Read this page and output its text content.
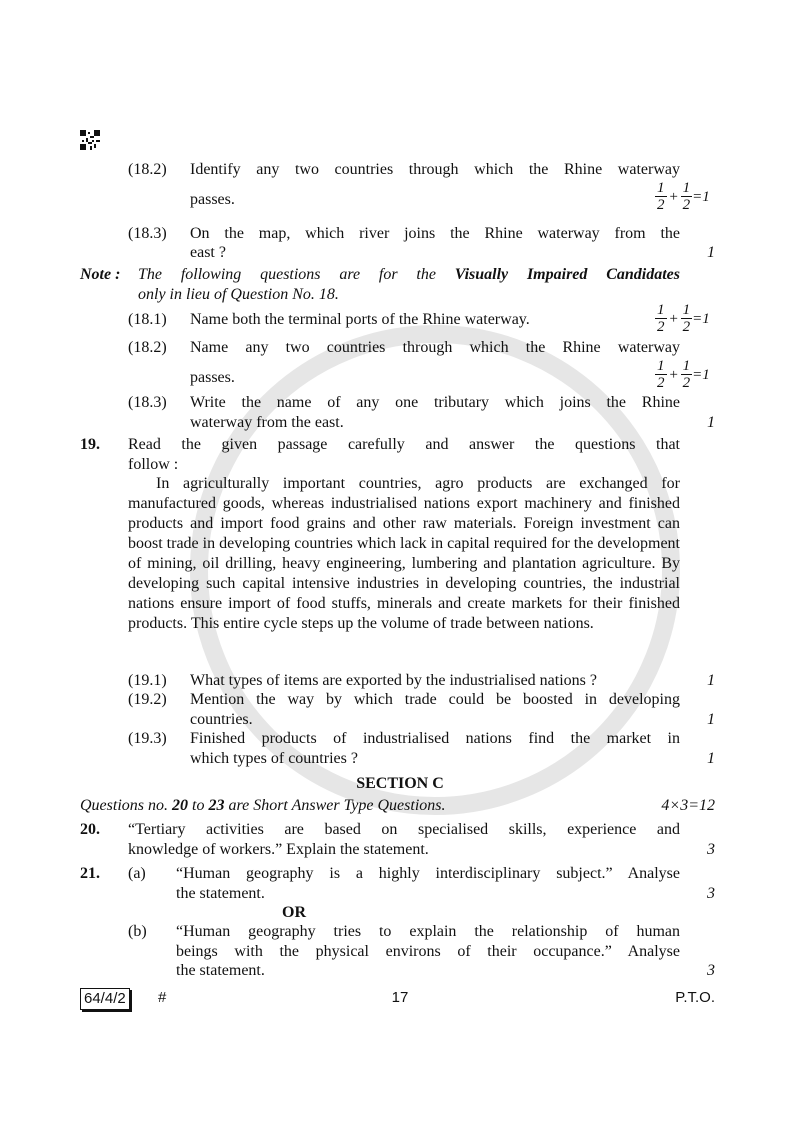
(18.2) Identify any two countries through which the Rhine waterway
passes.
1
2
+ $\frac{1}{2} =1$
(18.3) On the map, which river joins the Rhine waterway from the
east ?	1
Note : The following questions are for the Visually Impaired Candidates
only in lieu of Question No. 18.
(18.1) Name both the terminal ports of the Rhine waterway.
1
2
+ $\frac{1}{2} =1$
(18.2) Name any two countries through which the Rhine waterway
passes.
1
2
+ $\frac{1}{2} =1$
(18.3) Write the name of any one tributary which joins the Rhine
waterway from the east.	1
19. Read the given passage carefully and answer the questions that
follow :

In agriculturally important countries, agro products are exchanged for manufactured goods, whereas industrialised nations export machinery and finished products and import food grains and other raw materials. Foreign investment can boost trade in developing countries which lack in capital required for the development of mining, oil drilling, heavy engineering, lumbering and plantation agriculture. By developing such capital intensive industries in developing countries, the industrial nations ensure import of food stuffs, minerals and create markets for their finished products. This entire cycle steps up the volume of trade between nations.

(19.1) What types of items are exported by the industrialised nations ?	1
(19.2) Mention the way by which trade could be boosted in developing
countries.	1
(19.3) Finished products of industrialised nations find the market in
which types of countries ?	1
SECTION C
Questions no. 20 to 23 are Short Answer Type Questions.	4×3=12
20. “Tertiary activities are based on specialised skills, experience and
knowledge of workers.” Explain the statement.	3
21. (a) “Human geography is a highly interdisciplinary subject.” Analyse
the statement.	3
OR
(b) “Human geography tries to explain the relationship of human
beings with the physical environs of their occupance.” Analyse
the statement.	3
64/4/2 #	17	P.T.O.
